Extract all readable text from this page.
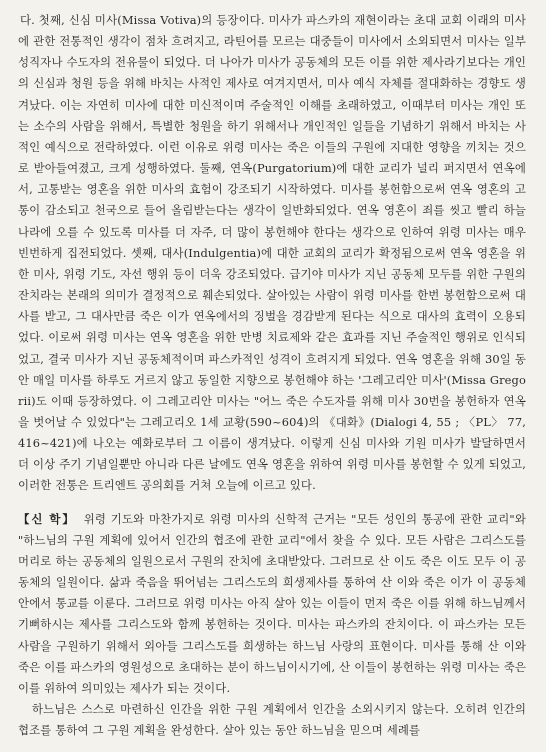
다. 첫째, 신심 미사(Missa Votiva)의 등장이다. 미사가 파스카의 재현이라는 초대 교회 이래의 미사에 관한 전통적인 생각이 점차 흐려지고, 라틴어를 모르는 대중들이 미사에서 소외되면서 미사는 일부 성직자나 수도자의 전유물이 되었다. 더 나아가 미사가 공동체의 모든 이를 위한 제사라기보다는 개인의 신심과 청원 등을 위해 바치는 사적인 제사로 여겨지면서, 미사 예식 자체를 절대화하는 경향도 생겨났다. 이는 자연히 미사에 대한 미신적이며 주술적인 이해를 초래하였고, 이때부터 미사는 개인 또는 소수의 사람을 위해서, 특별한 청원을 하기 위해서나 개인적인 일들을 기념하기 위해서 바치는 사적인 예식으로 전락하였다. 이런 이유로 위령 미사는 죽은 이들의 구원에 지대한 영향을 끼치는 것으로 받아들여졌고, 크게 성행하였다. 둘째, 연옥(Purgatorium)에 대한 교리가 널리 퍼지면서 연옥에서, 고통받는 영혼을 위한 미사의 효험이 강조되기 시작하였다. 미사를 봉헌함으로써 연옥 영혼의 고통이 감소되고 천국으로 들어 올림받는다는 생각이 일반화되었다. 연옥 영혼이 죄를 씻고 빨리 하늘 나라에 오를 수 있도록 미사를 더 자주, 더 많이 봉헌해야 한다는 생각으로 인하여 위령 미사는 매우 빈번하게 집전되었다. 셋째, 대사(Indulgentia)에 대한 교회의 교리가 확정됨으로써 연옥 영혼을 위한 미사, 위령 기도, 자선 행위 등이 더욱 강조되었다. 급기야 미사가 지닌 공동체 모두를 위한 구원의 잔치라는 본래의 의미가 결정적으로 훼손되었다. 살아있는 사람이 위령 미사를 한번 봉헌함으로써 대사를 받고, 그 대사만큼 죽은 이가 연옥에서의 징벌을 경감받게 된다는 식으로 대사의 효력이 오용되었다. 이로써 위령 미사는 연옥 영혼을 위한 만병 치료제와 같은 효과를 지닌 주술적인 행위로 인식되었고, 결국 미사가 지닌 공동체적이며 파스카적인 성격이 흐려지게 되었다. 연옥 영혼을 위해 30일 동안 매일 미사를 하루도 거르지 않고 동일한 지향으로 봉헌해야 하는 '그레고리안 미사'(Missa Gregorii)도 이때 등장하였다. 이 그레고리안 미사는 "어느 죽은 수도자를 위해 미사 30번을 봉헌하자 연옥을 벗어날 수 있었다"는 그레고리오 1세 교황(590~604)의 《대화》(Dialogi 4, 55 ; 〈PL〉 77, 416~421)에 나오는 예화로부터 그 이름이 생겨났다. 이렇게 신심 미사와 기원 미사가 발달하면서 더 이상 주기 기념일뿐만 아니라 다른 날에도 연옥 영혼을 위하여 위령 미사를 봉헌할 수 있게 되었고, 이러한 전통은 트리엔트 공의회를 거쳐 오늘에 이르고 있다.

【신 학】 위령 기도와 마찬가지로 위령 미사의 신학적 근거는 "모든 성인의 통공에 관한 교리"와 "하느님의 구원 계획에 있어서 인간의 협조에 관한 교리"에서 찾을 수 있다. 모든 사람은 그리스도를 머리로 하는 공동체의 일원으로서 구원의 잔치에 초대받았다. 그러므로 산 이도 죽은 이도 모두 이 공동체의 일원이다. 삶과 죽음을 뛰어넘는 그리스도의 희생제사를 통하여 산 이와 죽은 이가 이 공동체 안에서 통교를 이룬다. 그러므로 위령 미사는 아직 살아 있는 이들이 먼저 죽은 이를 위해 하느님께서 기뻐하시는 제사를 그리스도와 함께 봉헌하는 것이다. 미사는 파스카의 잔치이다. 이 파스카는 모든 사람을 구원하기 위해서 외아들 그리스도를 희생하는 하느님 사랑의 표현이다. 미사를 통해 산 이와 죽은 이를 파스카의 영원성으로 초대하는 분이 하느님이시기에, 산 이들이 봉헌하는 위령 미사는 죽은 이를 위하여 의미있는 제사가 되는 것이다.

하느님은 스스로 마련하신 인간을 위한 구원 계획에서 인간을 소외시키지 않는다. 오히려 인간의 협조를 통하여 그 구원 계획을 완성한다. 살아 있는 동안 하느님을 믿으며 세례를
